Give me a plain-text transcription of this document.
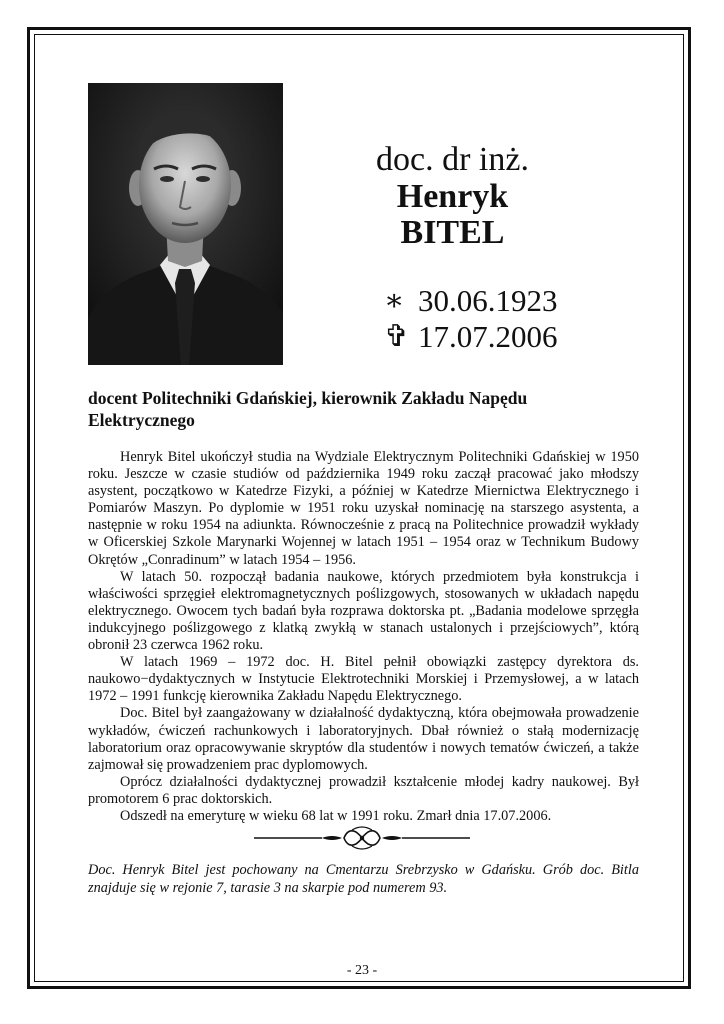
doc. dr inż.
Henryk
BITEL
∗ 30.06.1923
✞ 17.07.2006
docent Politechniki Gdańskiej, kierownik Zakładu Napędu Elektrycznego

Henryk Bitel ukończył studia na Wydziale Elektrycznym Politechniki Gdańskiej w 1950 roku. Jeszcze w czasie studiów od października 1949 roku zaczął pracować jako młodszy asystent, początkowo w Katedrze Fizyki, a później w Katedrze Miernictwa Elektrycznego i Pomiarów Maszyn. Po dyplomie w 1951 roku uzyskał nominację na starszego asystenta, a następnie w roku 1954 na adiunkta. Równocześnie z pracą na Politechnice prowadził wykłady w Oficerskiej Szkole Marynarki Wojennej w latach 1951 – 1954 oraz w Technikum Budowy Okrętów „Conradinum” w latach 1954 – 1956.

W latach 50. rozpoczął badania naukowe, których przedmiotem była konstrukcja i właściwości sprzęgieł elektromagnetycznych poślizgowych, stosowanych w układach napędu elektrycznego. Owocem tych badań była rozprawa doktorska pt. „Badania modelowe sprzęgła indukcyjnego poślizgowego z klatką zwykłą w stanach ustalonych i przejściowych”, którą obronił 23 czerwca 1962 roku.

W latach 1969 – 1972 doc. H. Bitel pełnił obowiązki zastępcy dyrektora ds. naukowo−dydaktycznych w Instytucie Elektrotechniki Morskiej i Przemysłowej, a w latach 1972 – 1991 funkcję kierownika Zakładu Napędu Elektrycznego.

Doc. Bitel był zaangażowany w działalność dydaktyczną, która obejmowała prowadzenie wykładów, ćwiczeń rachunkowych i laboratoryjnych. Dbał również o stałą modernizację laboratorium oraz opracowywanie skryptów dla studentów i nowych tematów ćwiczeń, a także zajmował się prowadzeniem prac dyplomowych.

Oprócz działalności dydaktycznej prowadził kształcenie młodej kadry naukowej. Był promotorem 6 prac doktorskich.

Odszedł na emeryturę w wieku 68 lat w 1991 roku. Zmarł dnia 17.07.2006.

Doc. Henryk Bitel jest pochowany na Cmentarzu Srebrzysko w Gdańsku. Grób doc. Bitla znajduje się w rejonie 7, tarasie 3 na skarpie pod numerem 93.

- 23 -
